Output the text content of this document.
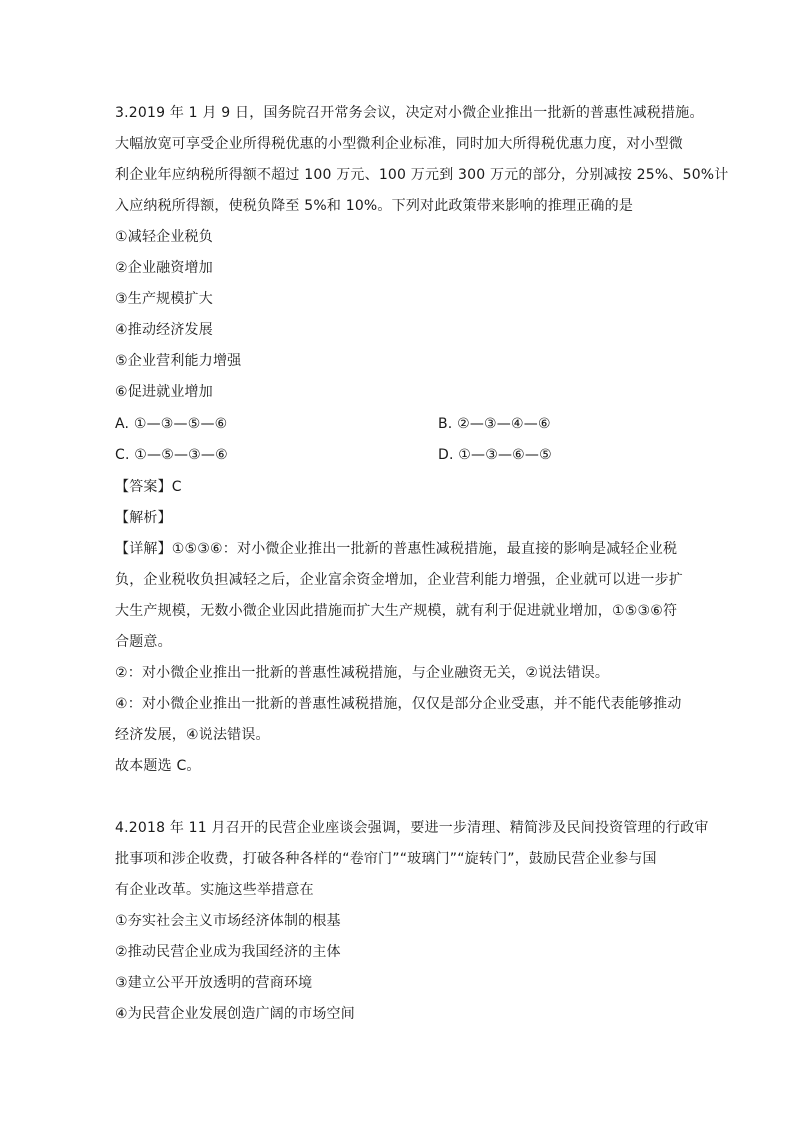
3.2019 年 1 月 9 日，国务院召开常务会议，决定对小微企业推出一批新的普惠性减税措施。
大幅放宽可享受企业所得税优惠的小型微利企业标准，同时加大所得税优惠力度，对小型微
利企业年应纳税所得额不超过 100 万元、100 万元到 300 万元的部分，分别减按 25%、50%计
入应纳税所得额，使税负降至 5%和 10%。下列对此政策带来影响的推理正确的是
①减轻企业税负
②企业融资增加
③生产规模扩大
④推动经济发展
⑤企业营利能力增强
⑥促进就业增加
A. ①—③—⑤—⑥	B. ②—③—④—⑥
C. ①—⑤—③—⑥	D. ①—③—⑥—⑤
【答案】C
【解析】
【详解】①⑤③⑥：对小微企业推出一批新的普惠性减税措施，最直接的影响是减轻企业税
负，企业税收负担减轻之后，企业富余资金增加，企业营利能力增强，企业就可以进一步扩
大生产规模，无数小微企业因此措施而扩大生产规模，就有利于促进就业增加，①⑤③⑥符
合题意。
②：对小微企业推出一批新的普惠性减税措施，与企业融资无关，②说法错误。
④：对小微企业推出一批新的普惠性减税措施，仅仅是部分企业受惠，并不能代表能够推动
经济发展，④说法错误。
故本题选 C。
4.2018 年 11 月召开的民营企业座谈会强调，要进一步清理、精简涉及民间投资管理的行政审
批事项和涉企收费，打破各种各样的“卷帘门”“玻璃门”“旋转门”，鼓励民营企业参与国
有企业改革。实施这些举措意在
①夯实社会主义市场经济体制的根基
②推动民营企业成为我国经济的主体
③建立公平开放透明的营商环境
④为民营企业发展创造广阔的市场空间
